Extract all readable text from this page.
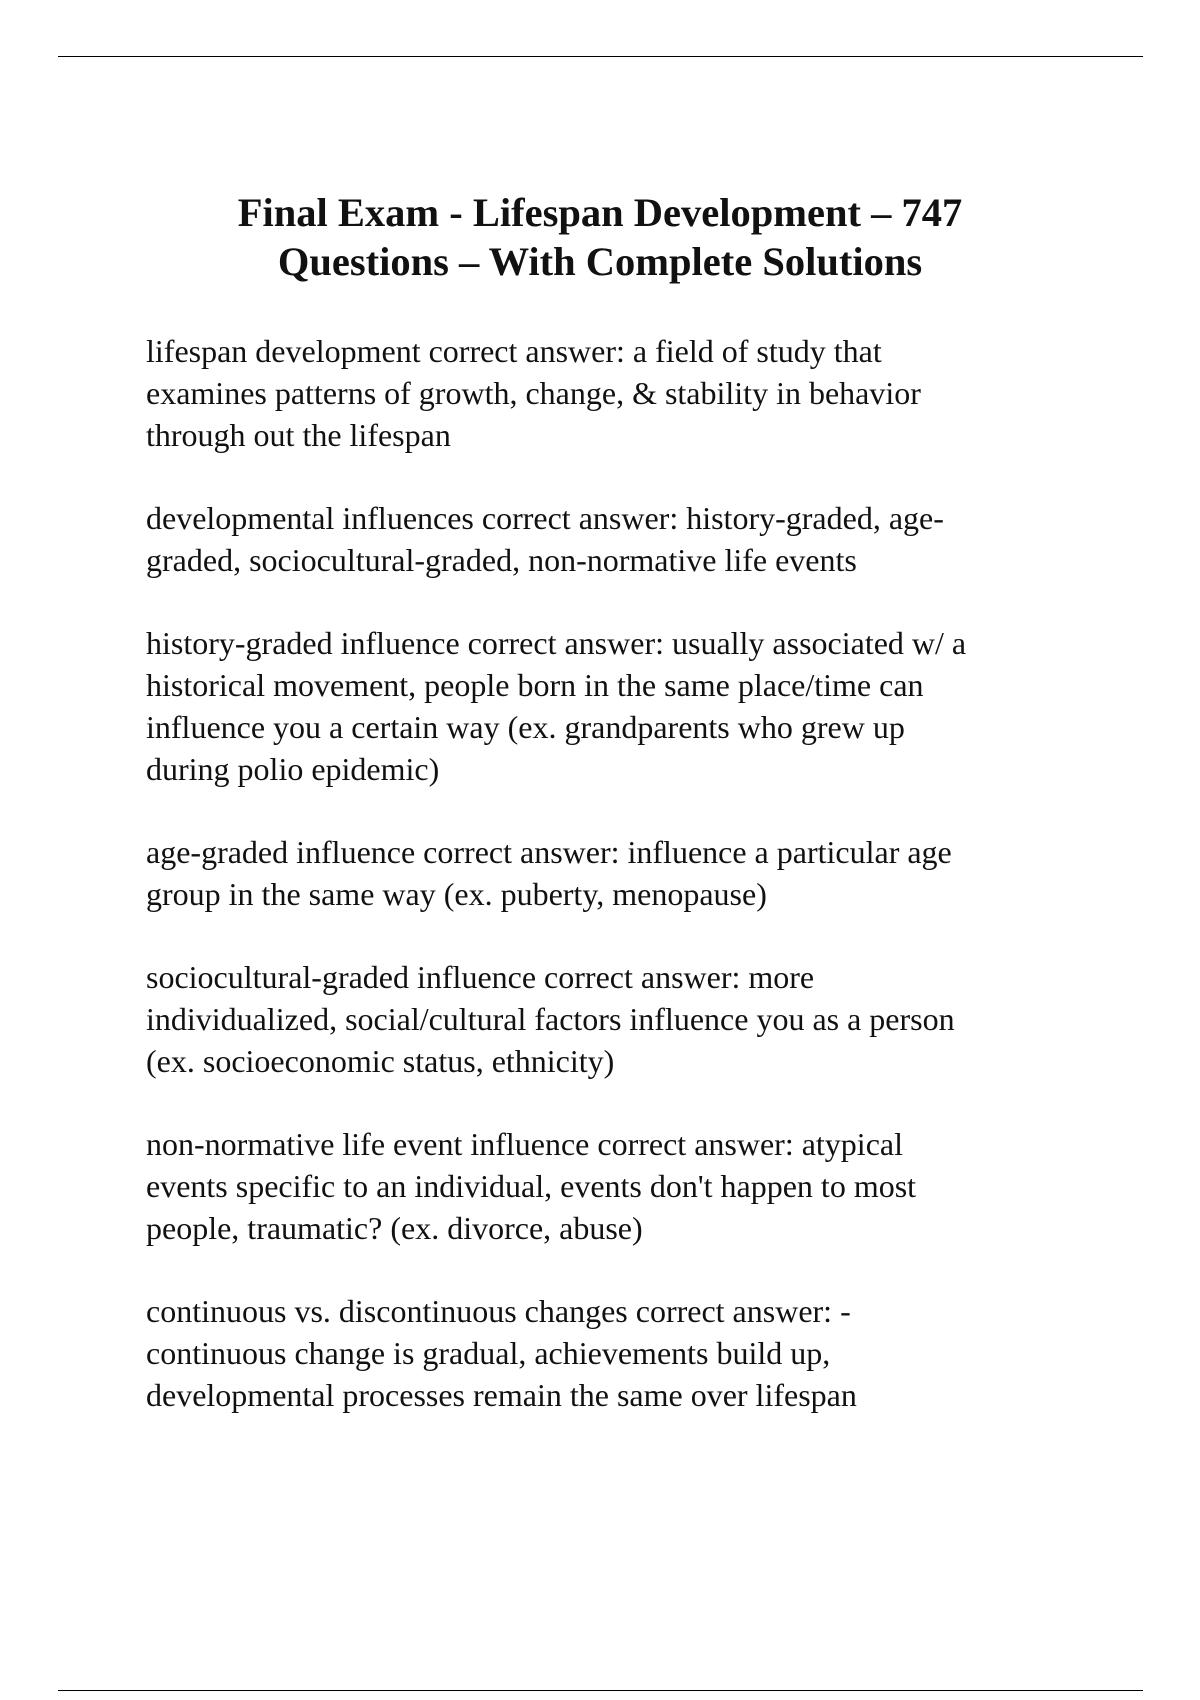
Final Exam - Lifespan Development – 747
Questions – With Complete Solutions
lifespan development correct answer: a field of study that
examines patterns of growth, change, & stability in behavior
through out the lifespan
developmental influences correct answer: history-graded, age-
graded, sociocultural-graded, non-normative life events
history-graded influence correct answer: usually associated w/ a
historical movement, people born in the same place/time can
influence you a certain way (ex. grandparents who grew up
during polio epidemic)
age-graded influence correct answer: influence a particular age
group in the same way (ex. puberty, menopause)
sociocultural-graded influence correct answer: more
individualized, social/cultural factors influence you as a person
(ex. socioeconomic status, ethnicity)
non-normative life event influence correct answer: atypical
events specific to an individual, events don't happen to most
people, traumatic? (ex. divorce, abuse)
continuous vs. discontinuous changes correct answer: -
continuous change is gradual, achievements build up,
developmental processes remain the same over lifespan
